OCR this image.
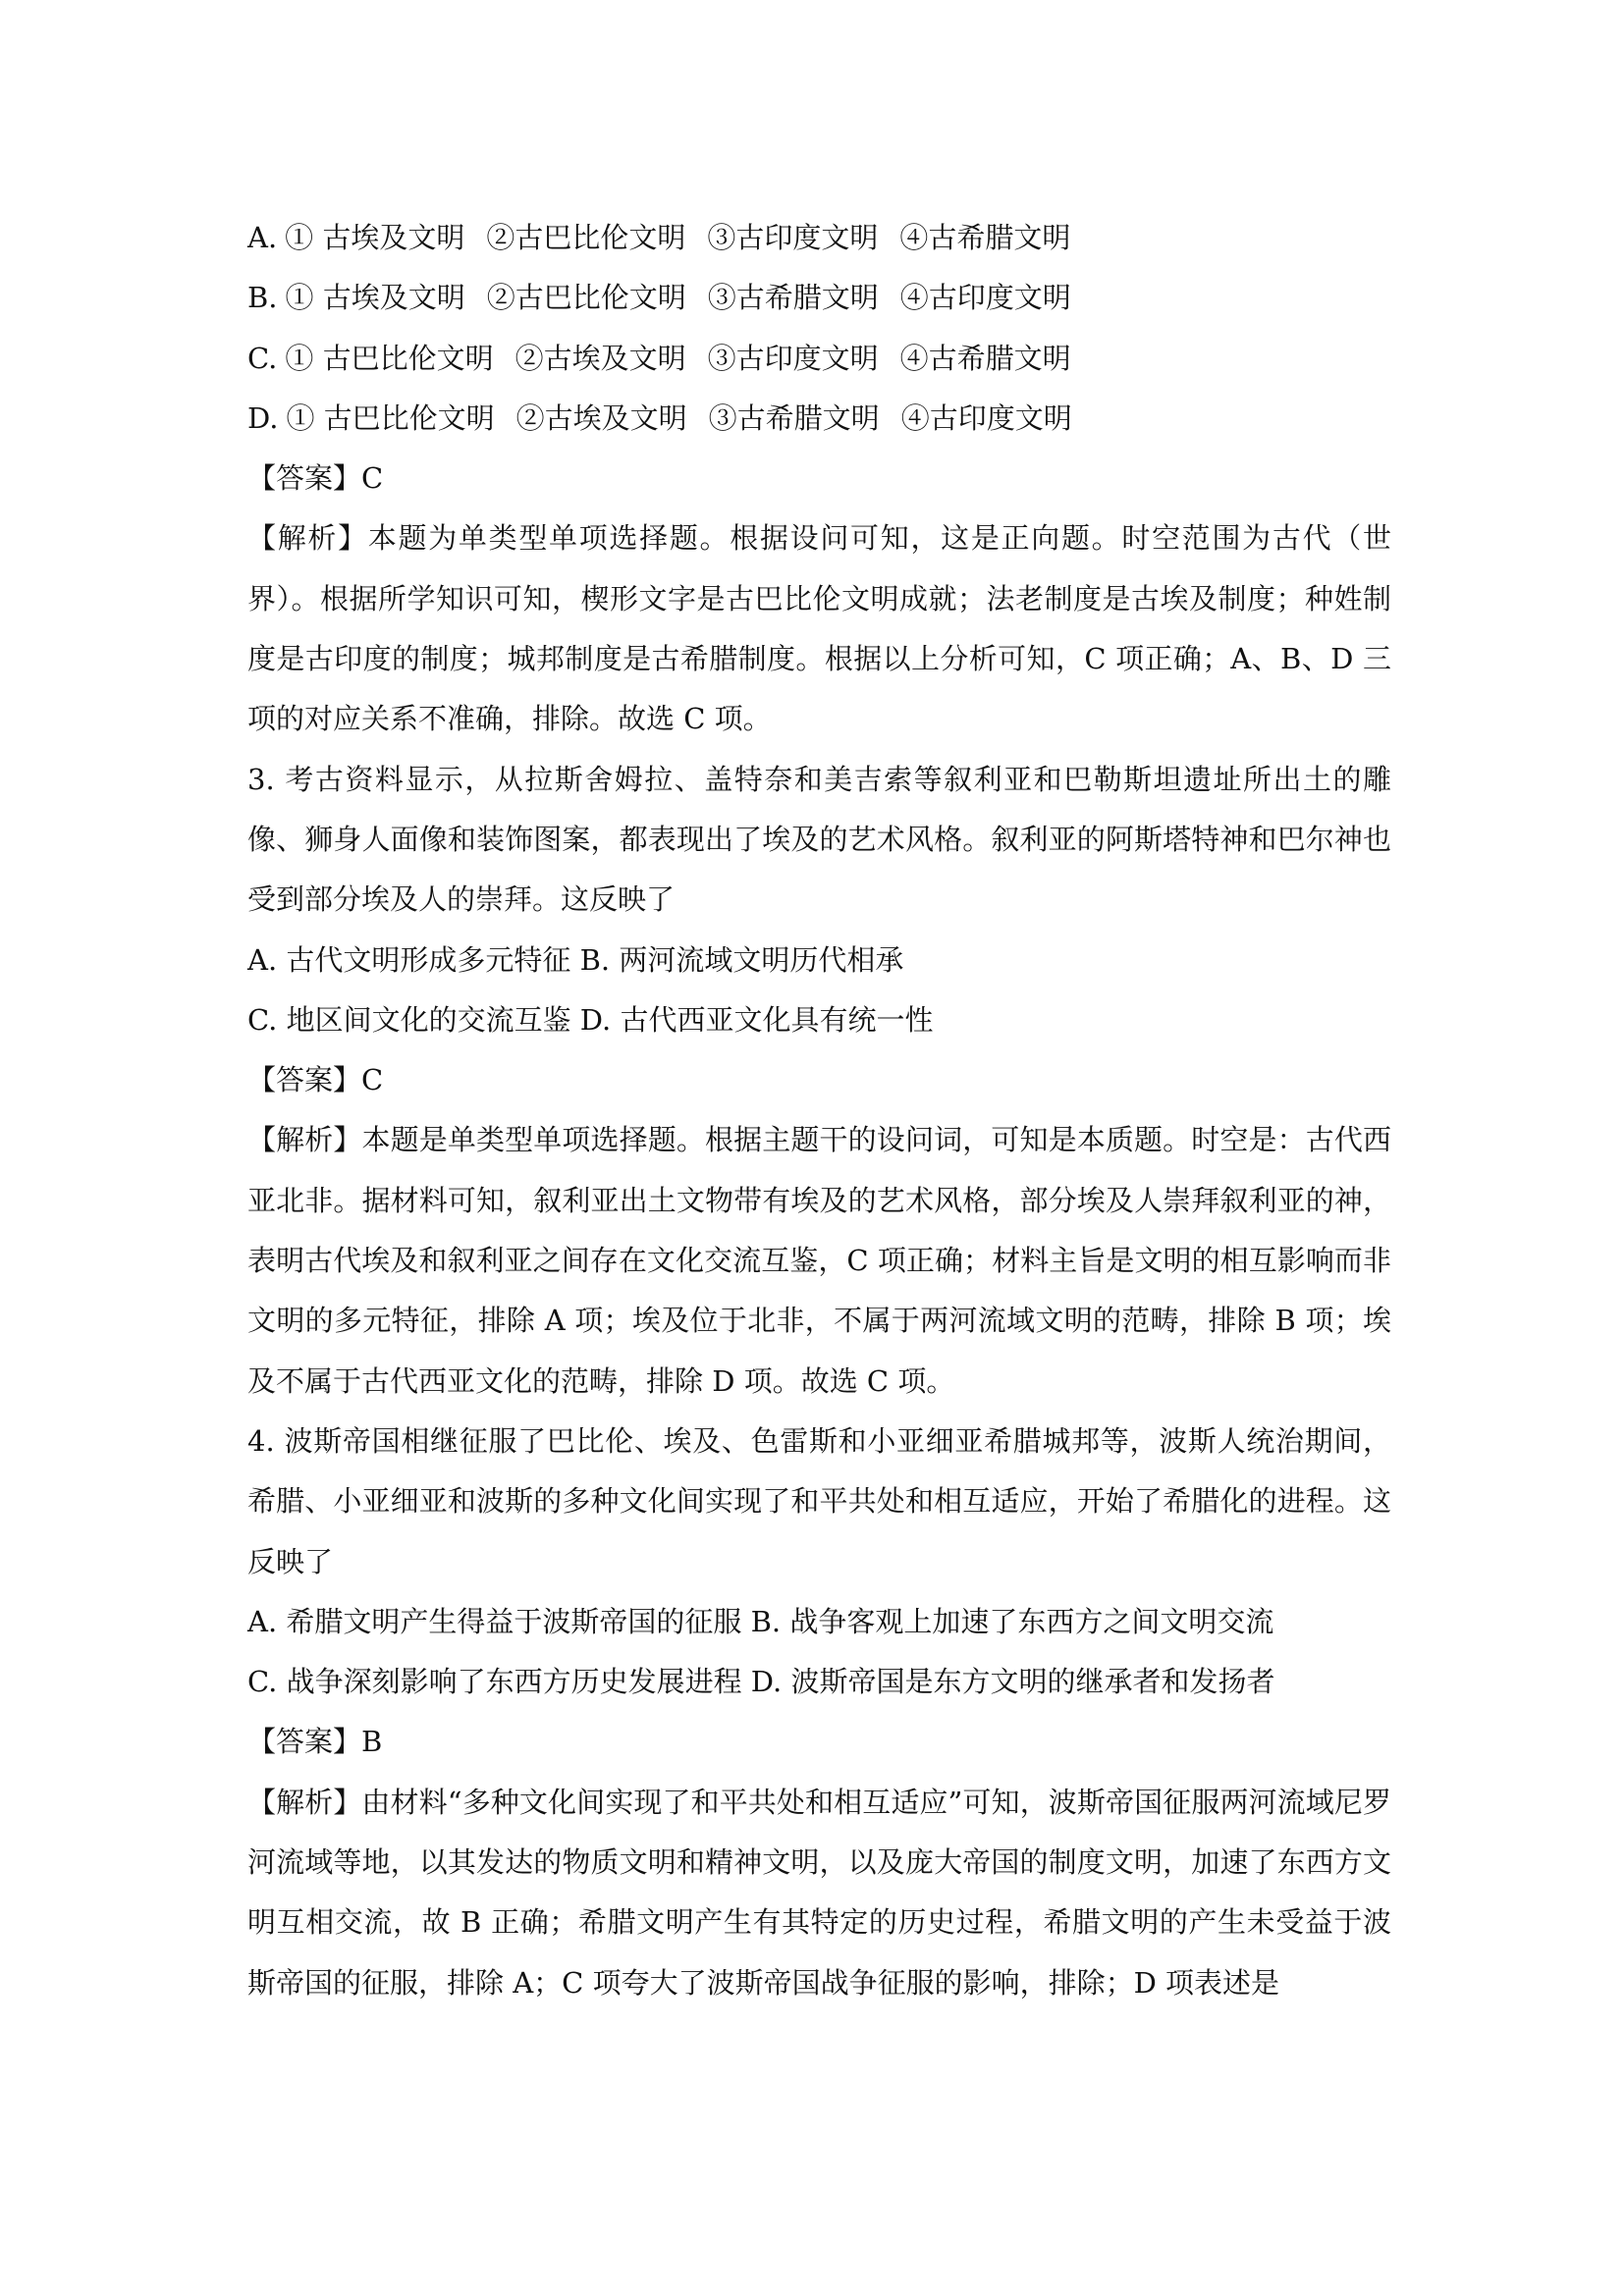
A. ① 古埃及文明 ②古巴比伦文明 ③古印度文明 ④古希腊文明
B. ① 古埃及文明 ②古巴比伦文明 ③古希腊文明 ④古印度文明
C. ① 古巴比伦文明 ②古埃及文明 ③古印度文明 ④古希腊文明
D. ① 古巴比伦文明 ②古埃及文明 ③古希腊文明 ④古印度文明
【答案】C
【解析】本题为单类型单项选择题。根据设问可知，这是正向题。时空范围为古代（世界）。根据所学知识可知，楔形文字是古巴比伦文明成就；法老制度是古埃及制度；种姓制度是古印度的制度；城邦制度是古希腊制度。根据以上分析可知，C 项正确；A、B、D 三项的对应关系不准确，排除。故选 C 项。
3. 考古资料显示，从拉斯舍姆拉、盖特奈和美吉索等叙利亚和巴勒斯坦遗址所出土的雕像、狮身人面像和装饰图案，都表现出了埃及的艺术风格。叙利亚的阿斯塔特神和巴尔神也受到部分埃及人的崇拜。这反映了
A. 古代文明形成多元特征 B. 两河流域文明历代相承
C. 地区间文化的交流互鉴 D. 古代西亚文化具有统一性
【答案】C
【解析】本题是单类型单项选择题。根据主题干的设问词，可知是本质题。时空是：古代西亚北非。据材料可知，叙利亚出土文物带有埃及的艺术风格，部分埃及人崇拜叙利亚的神，表明古代埃及和叙利亚之间存在文化交流互鉴，C 项正确；材料主旨是文明的相互影响而非文明的多元特征，排除 A 项；埃及位于北非，不属于两河流域文明的范畴，排除 B 项；埃及不属于古代西亚文化的范畴，排除 D 项。故选 C 项。
4. 波斯帝国相继征服了巴比伦、埃及、色雷斯和小亚细亚希腊城邦等，波斯人统治期间，希腊、小亚细亚和波斯的多种文化间实现了和平共处和相互适应，开始了希腊化的进程。这反映了
A. 希腊文明产生得益于波斯帝国的征服 B. 战争客观上加速了东西方之间文明交流
C. 战争深刻影响了东西方历史发展进程 D. 波斯帝国是东方文明的继承者和发扬者
【答案】B
【解析】由材料“多种文化间实现了和平共处和相互适应”可知，波斯帝国征服两河流域尼罗河流域等地，以其发达的物质文明和精神文明，以及庞大帝国的制度文明，加速了东西方文明互相交流，故 B 正确；希腊文明产生有其特定的历史过程，希腊文明的产生未受益于波斯帝国的征服，排除 A；C 项夸大了波斯帝国战争征服的影响，排除；D 项表述是
